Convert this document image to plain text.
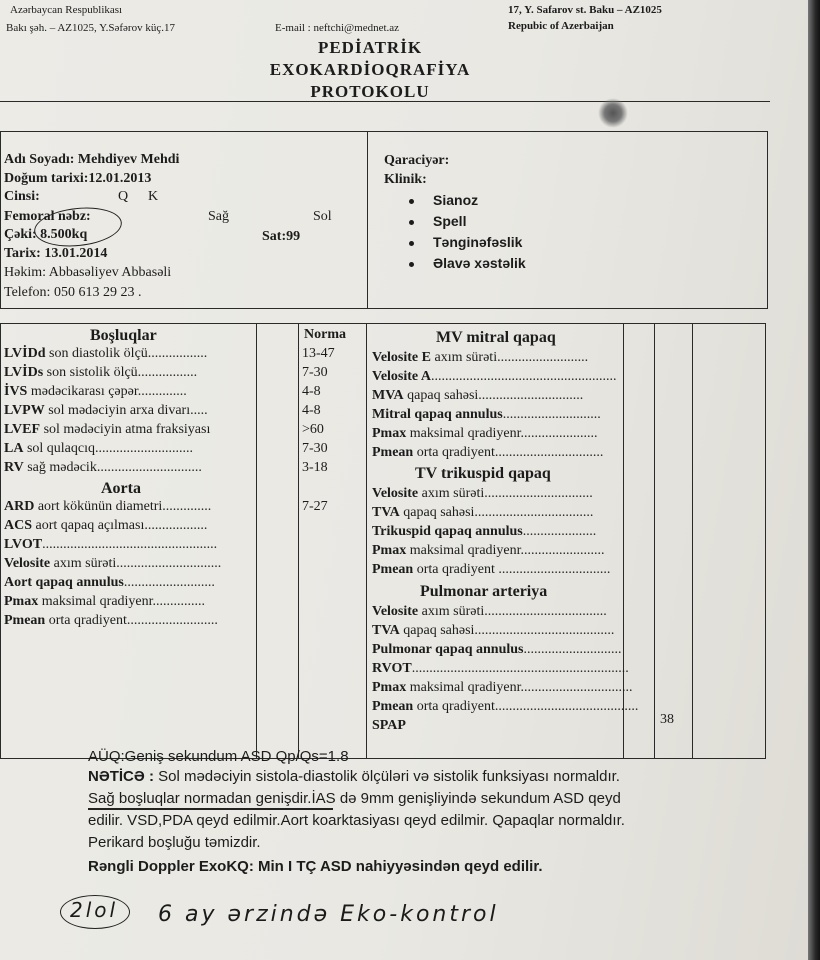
Azərbaycan Respublikası
Bakı şəh. – AZ1025, Y.Səfərov küç.17	E-mail : neftchi@mednet.az
17, Y. Safarov st. Baku – AZ1025
Repubic of Azerbaijan
PEDİATRİK
EXOKARDİOQRAFİYA
PROTOKOLU
Adı Soyadı: Mehdiyev Mehdi
Doğum tarixi:12.01.2013
Cinsi:	Q K
Femoral nəbz:	Sağ	Sol
Çəki: 8.500kq	Sat:99
Tarix: 13.01.2014
Həkim: Abbasəliyev Abbasəli
Telefon: 050 613 29 23 .
Qaraciyər:
Klinik:
Sianoz
Spell
Tənginəfəslik
Əlavə xəstəlik
Boşluqlar	Norma	MV mitral qapaq
LVİDd son diastolik ölçü.................	13-47
LVİDs son sistolik ölçü.................	7-30
İVS mədəcikarası çəpər..............	4-8
LVPW sol mədəciyin arxa divarı.....	4-8
LVEF sol mədəciyin atma fraksiyası	>60
LA sol qulaqcıq............................	7-30
RV sağ mədəcik..............................	3-18
Aorta
ARD aort kökünün diametri..............	7-27
ACS aort qapaq açılması..................
LVOT..................................................
Velosite axım sürəti..............................
Aort qapaq annulus..........................
Pmax maksimal qradiyenr...............
Pmean orta qradiyent..........................
Velosite E axım sürəti..........................
Velosite A.....................................................
MVA qapaq sahəsi..............................
Mitral qapaq annulus............................
Pmax maksimal qradiyenr......................
Pmean orta qradiyent...............................
TV trikuspid qapaq
Velosite axım sürəti...............................
TVA qapaq sahəsi..................................
Trikuspid qapaq annulus.....................
Pmax maksimal qradiyenr........................
Pmean orta qradiyent ................................
Pulmonar arteriya
Velosite axım sürəti...................................
TVA qapaq sahəsi........................................
Pulmonar qapaq annulus............................
RVOT..............................................................
Pmax maksimal qradiyenr................................
Pmean orta qradiyent.........................................
SPAP	38
AÜQ:Geniş sekundum ASD Qp/Qs=1.8
NƏTİCƏ : Sol mədəciyin sistola-diastolik ölçüləri və sistolik funksiyası normaldır.
Sağ boşluqlar normadan genişdir.İAS də 9mm genişliyində sekundum ASD qeyd
edilir. VSD,PDA qeyd edilmir.Aort koarktasiyası qeyd edilmir. Qapaqlar normaldır.
Perikard boşluğu təmizdir.
Rəngli Doppler ExoKQ: Min I TÇ ASD nahiyyəsindən qeyd edilir.
2lol 6 ay ərzində Eko-kontrol
